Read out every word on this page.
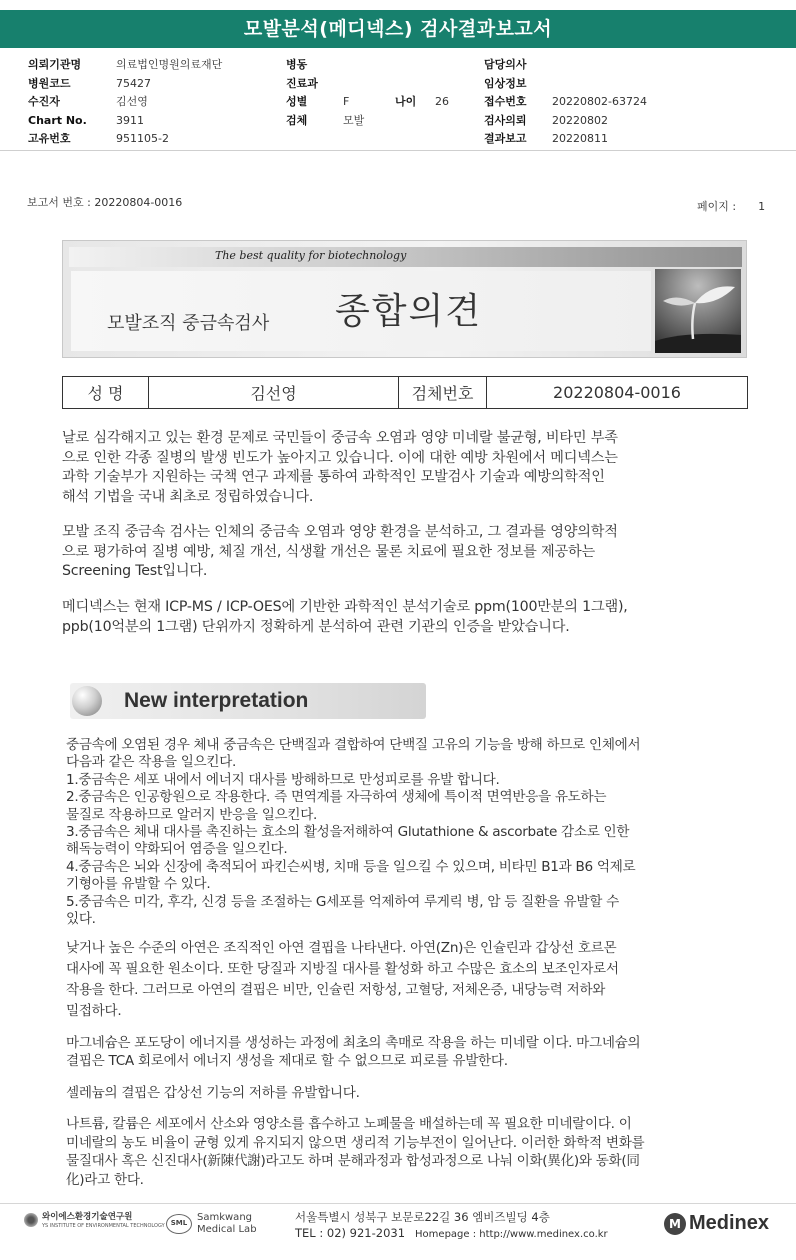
모발분석(메디넥스) 검사결과보고서
의뢰기관명	의료법인명원의료재단
병원코드	75427
수진자	김선영
Chart No.	3911
고유번호	951105-2
병동
진료과
성별	F	나이	26
검체	모발
담당의사
임상정보
접수번호	20220802-63724
검사의뢰	20220802
결과보고	20220811
보고서 번호 : 20220804-0016	페이지 : 1
The best quality for biotechnology
모발조직 중금속검사 종합의견
성 명	김선영	검체번호	20220804-0016
날로 심각해지고 있는 환경 문제로 국민들이 중금속 오염과 영양 미네랄 불균형, 비타민 부족
으로 인한 각종 질병의 발생 빈도가 높아지고 있습니다. 이에 대한 예방 차원에서 메디넥스는
과학 기술부가 지원하는 국책 연구 과제를 통하여 과학적인 모발검사 기술과 예방의학적인
해석 기법을 국내 최초로 정립하였습니다.
모발 조직 중금속 검사는 인체의 중금속 오염과 영양 환경을 분석하고, 그 결과를 영양의학적
으로 평가하여 질병 예방, 체질 개선, 식생활 개선은 물론 치료에 필요한 정보를 제공하는
Screening Test입니다.
메디넥스는 현재 ICP-MS / ICP-OES에 기반한 과학적인 분석기술로 ppm(100만분의 1그램),
ppb(10억분의 1그램) 단위까지 정확하게 분석하여 관련 기관의 인증을 받았습니다.
New interpretation

중금속에 오염된 경우 체내 중금속은 단백질과 결합하여 단백질 고유의 기능을 방해 하므로 인체에서

다음과 같은 작용을 일으킨다.

1.중금속은 세포 내에서 에너지 대사를 방해하므로 만성피로를 유발 합니다.

2.중금속은 인공항원으로 작용한다. 즉 면역계를 자극하여 생체에 특이적 면역반응을 유도하는

물질로 작용하므로 알러지 반응을 일으킨다.

3.중금속은 체내 대사를 촉진하는 효소의 활성을저해하여 Glutathione & ascorbate 감소로 인한

해독능력이 약화되어 염증을 일으킨다.

4.중금속은 뇌와 신장에 축적되어 파킨슨씨병, 치매 등을 일으킬 수 있으며, 비타민 B1과 B6 억제로

기형아를 유발할 수 있다.

5.중금속은 미각, 후각, 신경 등을 조절하는 G세포를 억제하여 루게릭 병, 암 등 질환을 유발할 수

있다.

낮거나 높은 수준의 아연은 조직적인 아연 결핍을 나타낸다. 아연(Zn)은 인슐린과 갑상선 호르몬

대사에 꼭 필요한 원소이다. 또한 당질과 지방질 대사를 활성화 하고 수많은 효소의 보조인자로서

작용을 한다. 그러므로 아연의 결핍은 비만, 인슐린 저항성, 고혈당, 저체온증, 내당능력 저하와

밀접하다.

마그네슘은 포도당이 에너지를 생성하는 과정에 최초의 촉매로 작용을 하는 미네랄 이다. 마그네슘의

결핍은 TCA 회로에서 에너지 생성을 제대로 할 수 없으므로 피로를 유발한다.

셀레늄의 결핍은 갑상선 기능의 저하를 유발합니다.

나트륨, 칼륨은 세포에서 산소와 영양소를 흡수하고 노폐물을 배설하는데 꼭 필요한 미네랄이다. 이

미네랄의 농도 비율이 균형 있게 유지되지 않으면 생리적 기능부전이 일어난다. 이러한 화학적 변화를

물질대사 혹은 신진대사(新陳代謝)라고도 하며 분해과정과 합성과정으로 나눠 이화(異化)와 동화(同

化)라고 한다.

와이에스환경기술연구원
YS INSTITUTE OF ENVIRONMENTAL TECHNOLOGY SML Samkwang
Medical Lab
서울특별시 성북구 보문로22길 36 엠비즈빌딩 4층
TEL : 02) 921-2031 Homepage : http://www.medinex.co.kr
M Medinex
